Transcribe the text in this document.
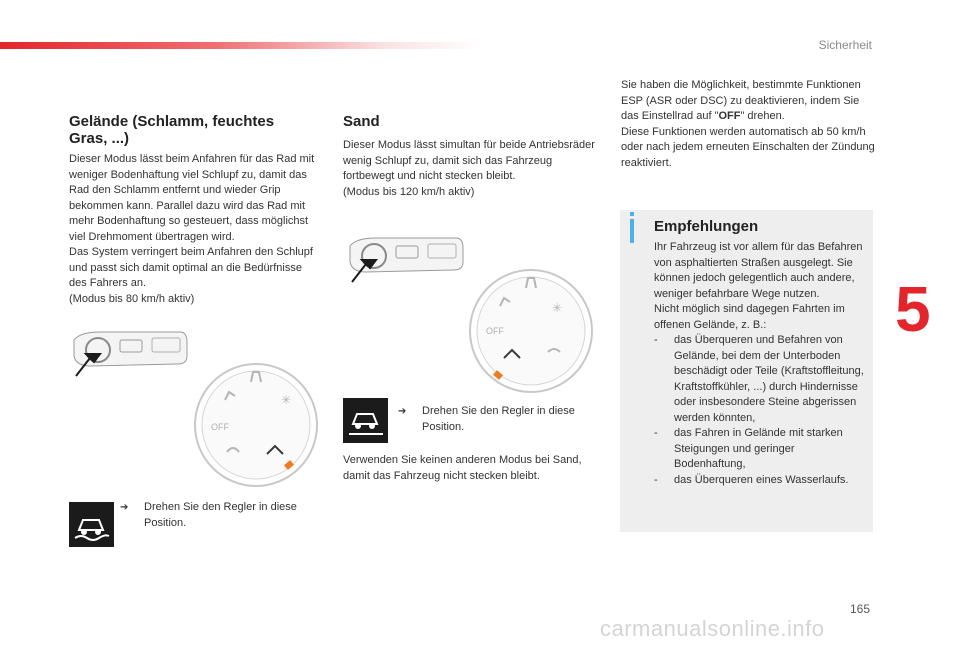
Sicherheit
5
Gelände (Schlamm, feuchtes Gras, ...)

Dieser Modus lässt beim Anfahren für das Rad mit weniger Bodenhaftung viel Schlupf zu, damit das Rad den Schlamm entfernt und wieder Grip bekommen kann. Parallel dazu wird das Rad mit mehr Bodenhaftung so gesteuert, dass möglichst viel Drehmoment übertragen wird.

Das System verringert beim Anfahren den Schlupf und passt sich damit optimal an die Bedürfnisse des Fahrers an.

(Modus bis 80 km/h aktiv)

✳
OFF
➔	Drehen Sie den Regler in diese Position.
Sand

Dieser Modus lässt simultan für beide Antriebsräder wenig Schlupf zu, damit sich das Fahrzeug fortbewegt und nicht stecken bleibt.

(Modus bis 120 km/h aktiv)

✳
OFF
➔	Drehen Sie den Regler in diese Position.

Verwenden Sie keinen anderen Modus bei Sand, damit das Fahrzeug nicht stecken bleibt.

Sie haben die Möglichkeit, bestimmte Funktionen ESP (ASR oder DSC) zu deaktivieren, indem Sie das Einstellrad auf "OFF" drehen.

Diese Funktionen werden automatisch ab 50 km/h oder nach jedem erneuten Einschalten der Zündung reaktiviert.

Empfehlungen
Ihr Fahrzeug ist vor allem für das Befahren von asphaltierten Straßen ausgelegt. Sie können jedoch gelegentlich auch andere, weniger befahrbare Wege nutzen.
Nicht möglich sind dagegen Fahrten im offenen Gelände, z. B.:
- das Überqueren und Befahren von Gelände, bei dem der Unterboden beschädigt oder Teile (Kraftstoffleitung, Kraftstoffkühler, ...) durch Hindernisse oder insbesondere Steine abgerissen werden könnten,
- das Fahren in Gelände mit starken Steigungen und geringer Bodenhaftung,
- das Überqueren eines Wasserlaufs.
165
carmanualsonline.info
